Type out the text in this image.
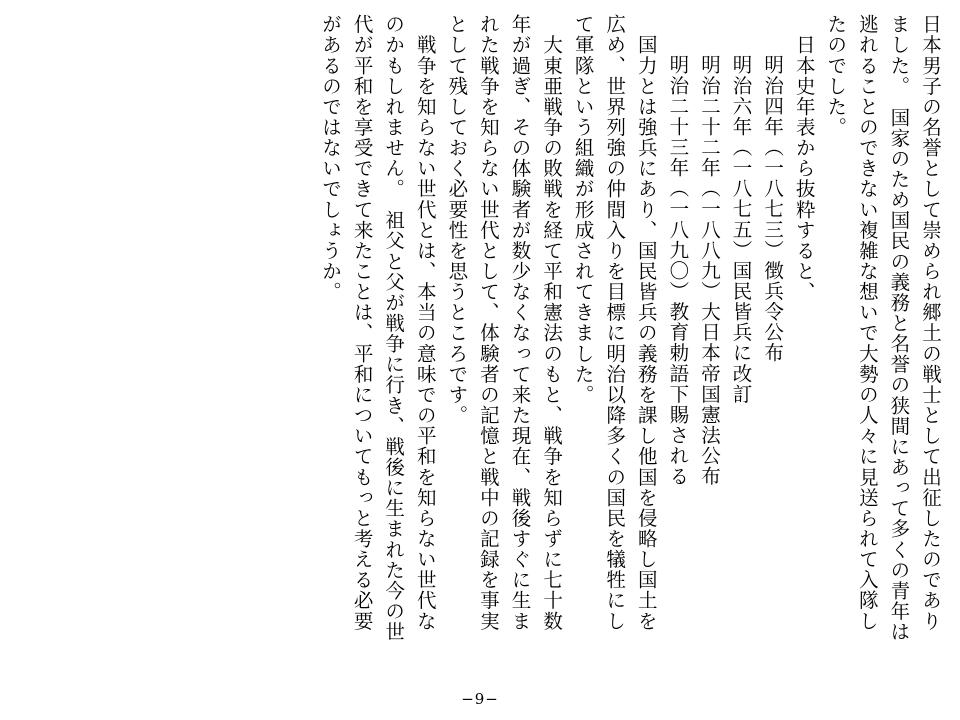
日本男子の名誉として崇められ郷土の戦士として出征したのであり

ました。　国家のため国民の義務と名誉の狭間にあって多くの青年は

逃れることのできない複雑な想いで大勢の人々に見送られて入隊し

たのでした。

　日本史年表から抜粋すると、

　明治四年（一八七三）徴兵令公布

　明治六年（一八七五）国民皆兵に改訂

　明治二十二年（一八八九）大日本帝国憲法公布

　明治二十三年（一八九〇）教育勅語下賜される

　国力とは強兵にあり、国民皆兵の義務を課し他国を侵略し国土を

広め、世界列強の仲間入りを目標に明治以降多くの国民を犠牲にし

て軍隊という組織が形成されてきました。

　大東亜戦争の敗戦を経て平和憲法のもと、戦争を知らずに七十数

年が過ぎ、その体験者が数少なくなって来た現在、戦後すぐに生ま

れた戦争を知らない世代として、体験者の記憶と戦中の記録を事実

として残しておく必要性を思うところです。

　戦争を知らない世代とは、本当の意味での平和を知らない世代な

のかもしれません。　祖父と父が戦争に行き、戦後に生まれた今の世

代が平和を享受できて来たことは、平和についてもっと考える必要

があるのではないでしょうか。

−9−
